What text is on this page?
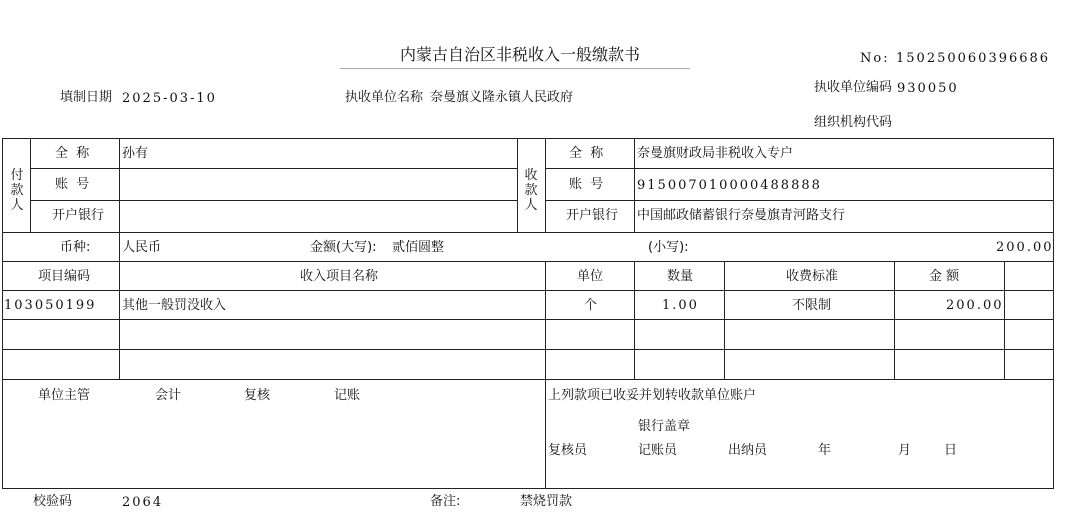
内蒙古自治区非税收入一般缴款书	No: 150250060396686
填制日期 2025-03-10	执收单位名称 奈曼旗义隆永镇人民政府
执收单位编码 930050
组织机构代码
付款人
全  称	孙有
账  号
开户银行
收款人
全  称	奈曼旗财政局非税收入专户
账  号	915007010000488888
开户银行 中国邮政储蓄银行奈曼旗青河路支行
币种: 人民币	金额(大写): 贰佰圆整	(小写):	200.00
项目编码	收入项目名称	单位	数量	收费标准	金 额
103050199 其他一般罚没收入	个	1.00	不限制	200.00
单位主管	会计	复核	记账	上列款项已收妥并划转收款单位账户
银行盖章
复核员	记账员	出纳员	年	月	日
校验码	2064	备注:	禁烧罚款
